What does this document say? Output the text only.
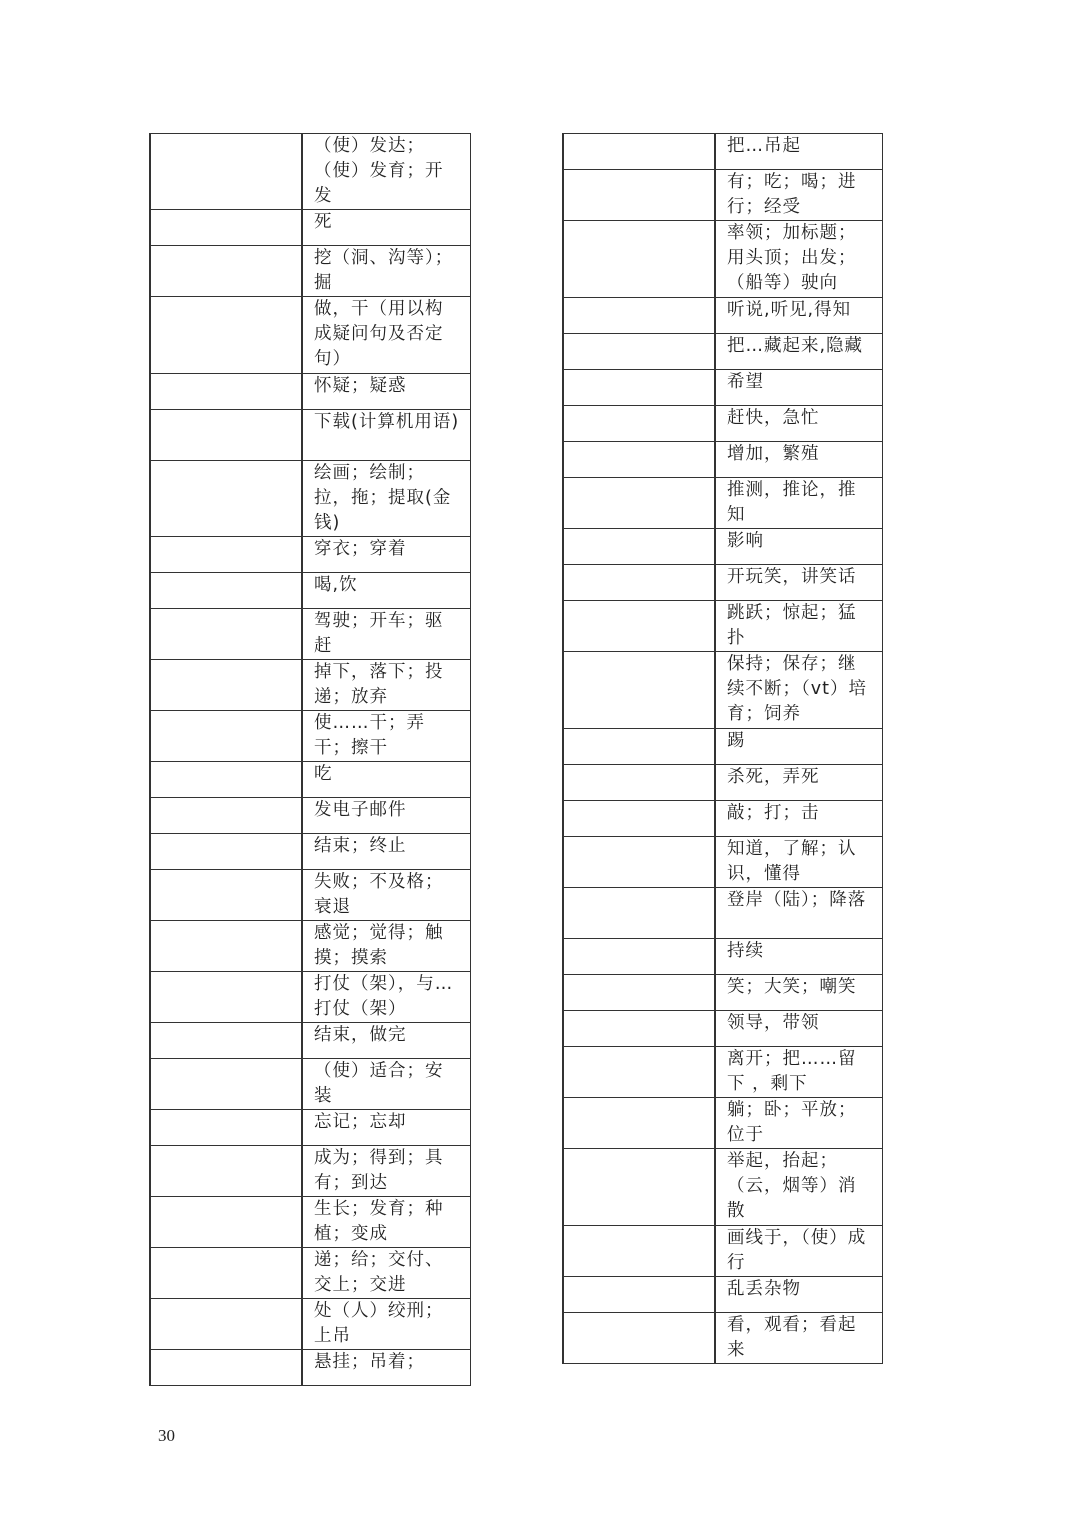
	（使）发达；（使）发育；开发
	死
	挖（洞、沟等）；掘
	做，干（用以构成疑问句及否定句）
	怀疑；疑惑
	下载(计算机用语)
	绘画；绘制；拉，拖；提取(金钱)
	穿衣；穿着
	喝,饮
	驾驶；开车；驱赶
	掉下，落下；投递；放弃
	使……干；弄干；擦干
	吃
	发电子邮件
	结束；终止
	失败；不及格；衰退
	感觉；觉得；触摸；摸索
	打仗（架），与… 打仗（架）
	结束，做完
	（使）适合；安装
	忘记；忘却
	成为；得到；具有；到达
	生长；发育；种植；变成
	递；给；交付、交上；交进
	处（人）绞刑；上吊
	悬挂；吊着；
	把…吊起
	有；吃；喝；进行；经受
	率领；加标题；用头顶；出发；（船等）驶向
	听说,听见,得知
	把…藏起来,隐藏
	希望
	赶快，急忙
	增加，繁殖
	推测，推论，推知
	影响
	开玩笑，讲笑话
	跳跃；惊起；猛扑
	保持；保存；继续不断；（vt）培育；饲养
	踢
	杀死，弄死
	敲；打；击
	知道，了解；认识，懂得
	登岸（陆）；降落
	持续
	笑；大笑；嘲笑
	领导，带领
	离开；把……留下 ，剩下
	躺；卧；平放；位于
	举起，抬起；（云，烟等）消散
	画线于，（使）成行
	乱丢杂物
	看，观看；看起来
30
